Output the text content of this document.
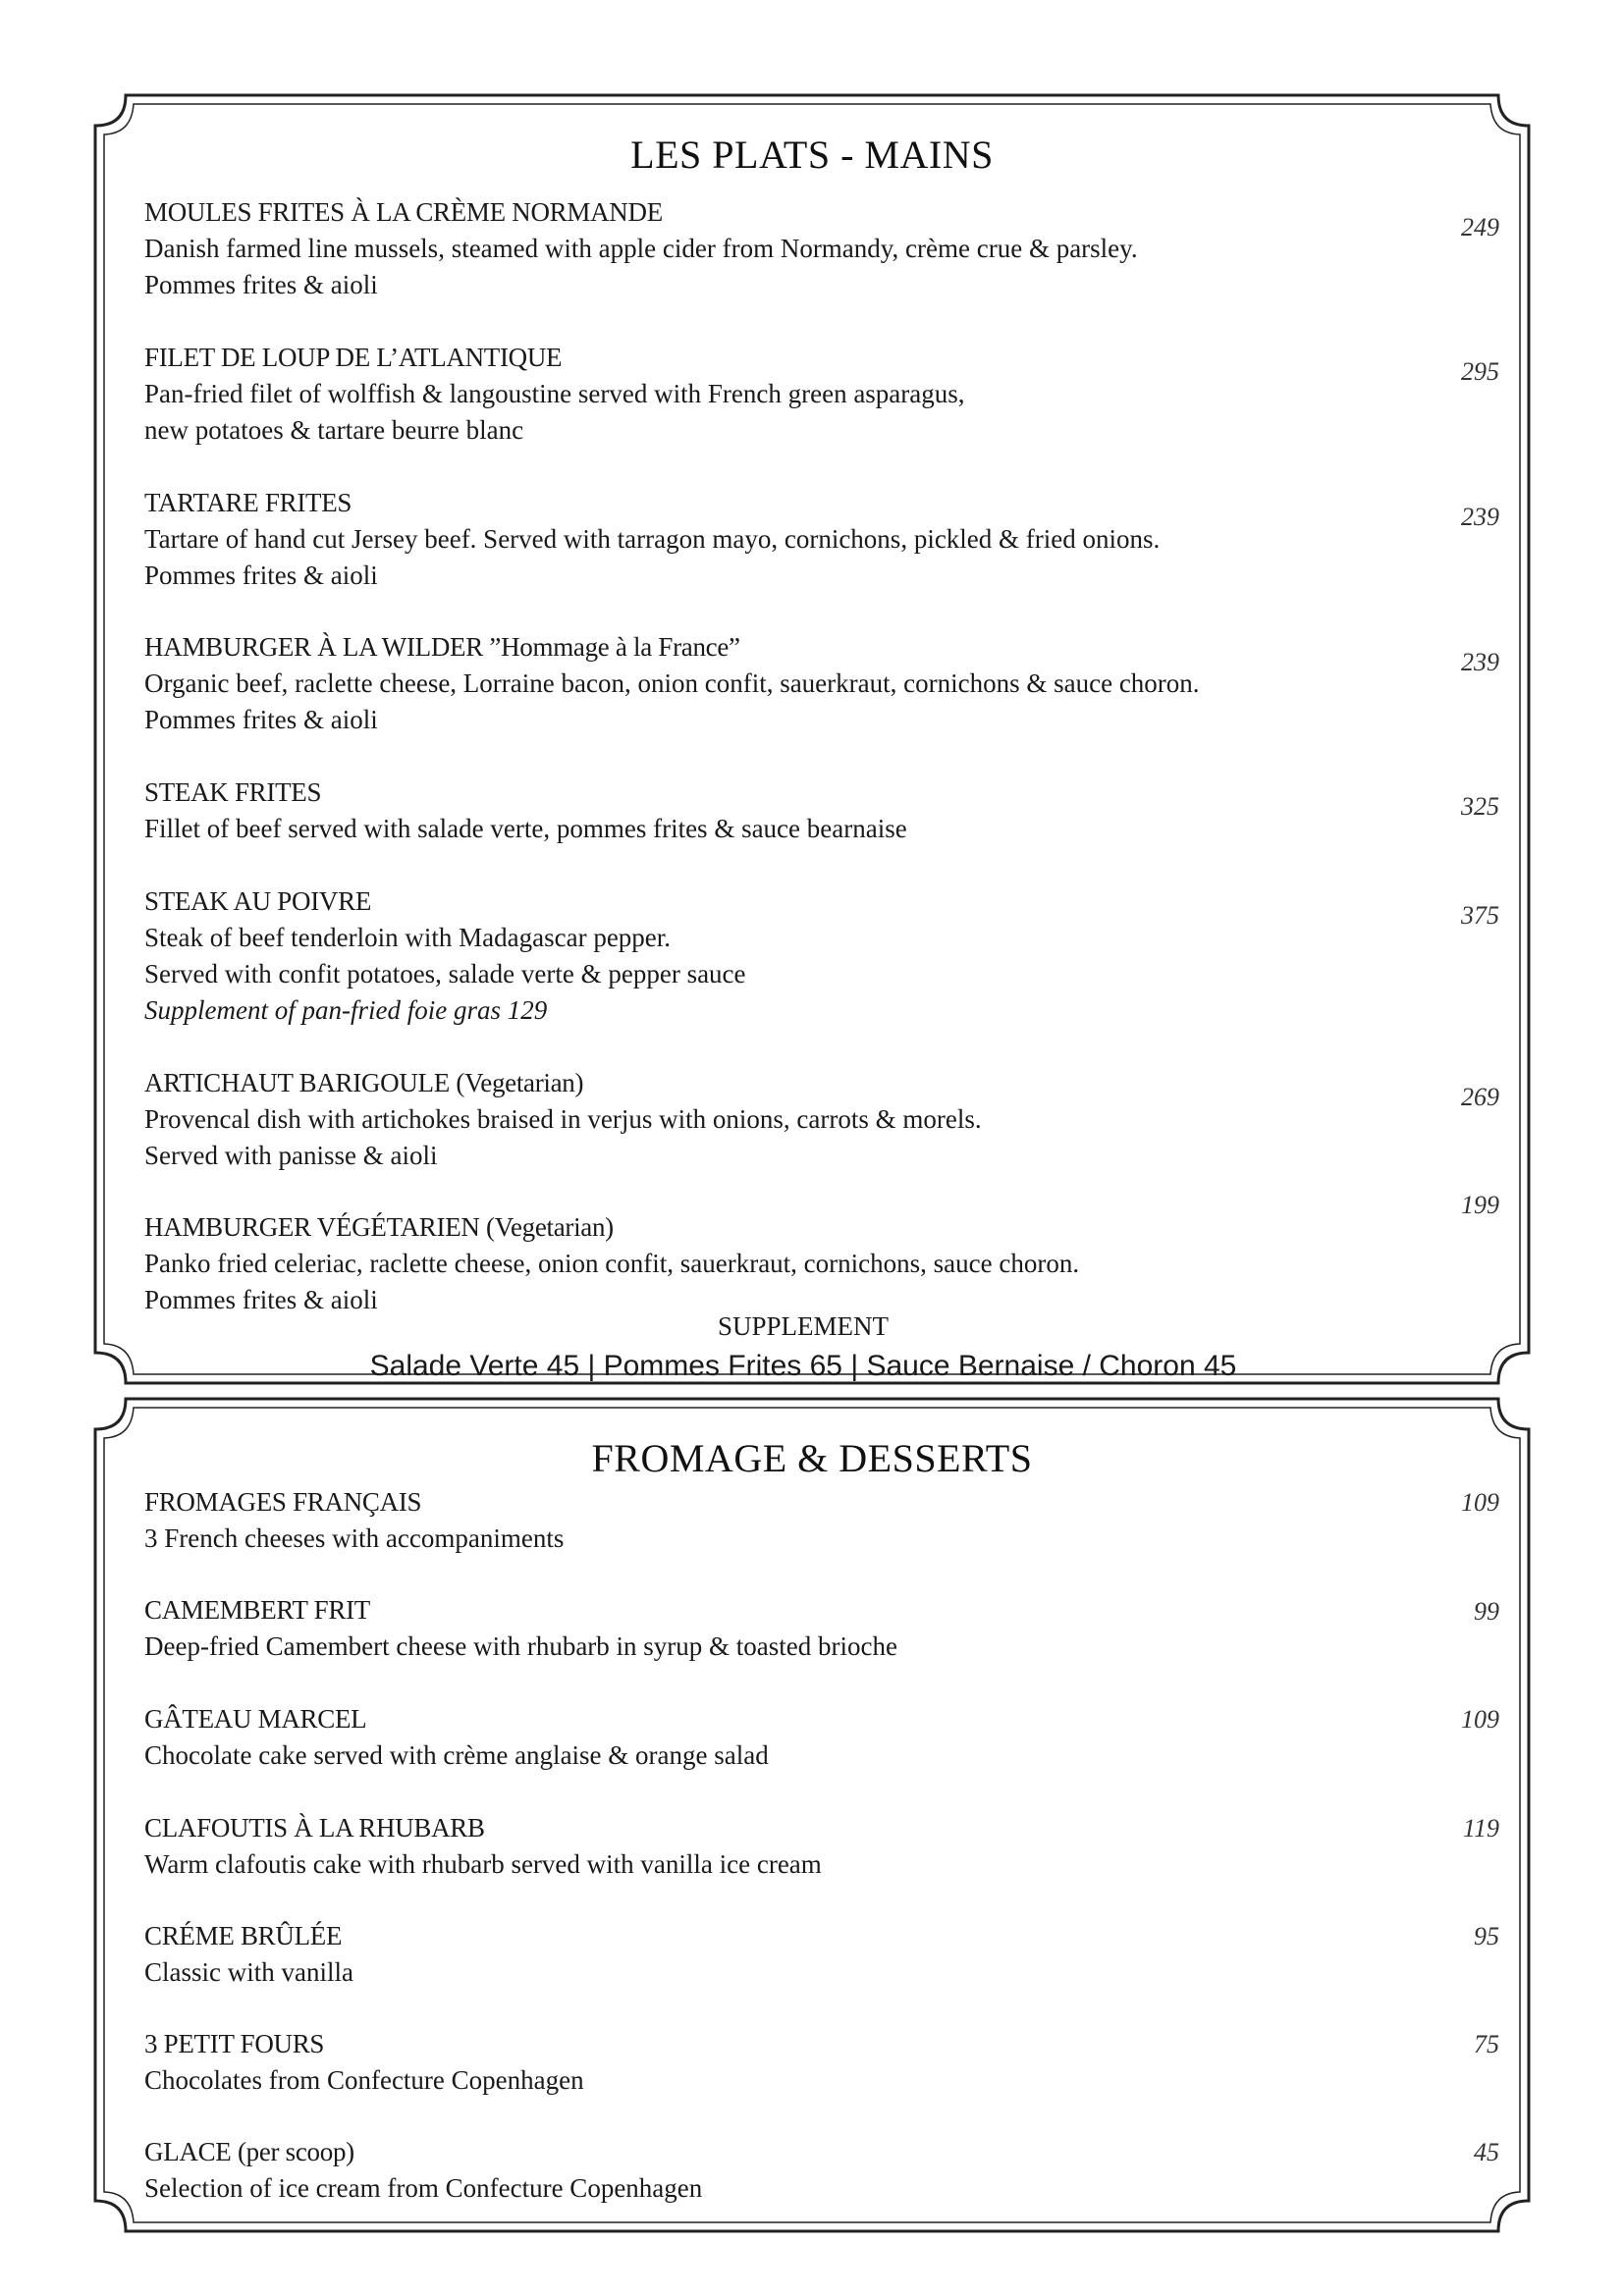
LES PLATS - MAINS
MOULES FRITES À LA CRÈME NORMANDE
Danish farmed line mussels, steamed with apple cider from Normandy, crème crue & parsley.
Pommes frites & aioli
249
FILET DE LOUP DE L’ATLANTIQUE
Pan-fried filet of wolffish & langoustine served with French green asparagus,
new potatoes & tartare beurre blanc
295
TARTARE FRITES
Tartare of hand cut Jersey beef. Served with tarragon mayo, cornichons, pickled & fried onions.
Pommes frites & aioli
239
HAMBURGER À LA WILDER ”Hommage à la France”
Organic beef, raclette cheese, Lorraine bacon, onion confit, sauerkraut, cornichons & sauce choron.
Pommes frites & aioli
239
STEAK FRITES
Fillet of beef served with salade verte, pommes frites & sauce bearnaise
325
STEAK AU POIVRE
Steak of beef tenderloin with Madagascar pepper.
Served with confit potatoes, salade verte & pepper sauce
Supplement of pan-fried foie gras 129
375
ARTICHAUT BARIGOULE (Vegetarian)
Provencal dish with artichokes braised in verjus with onions, carrots & morels.
Served with panisse & aioli
269
HAMBURGER VÉGÉTARIEN (Vegetarian)
Panko fried celeriac, raclette cheese, onion confit, sauerkraut, cornichons, sauce choron.
Pommes frites & aioli
199
SUPPLEMENT
Salade Verte 45 | Pommes Frites 65 | Sauce Bernaise / Choron 45
FROMAGE & DESSERTS
FROMAGES FRANÇAIS
3 French cheeses with accompaniments
109
CAMEMBERT FRIT
Deep-fried Camembert cheese with rhubarb in syrup & toasted brioche
99
GÂTEAU MARCEL
Chocolate cake served with crème anglaise & orange salad
109
CLAFOUTIS À LA RHUBARB
Warm clafoutis cake with rhubarb served with vanilla ice cream
119
CRÉME BRÛLÉE
Classic with vanilla
95
3 PETIT FOURS
Chocolates from Confecture Copenhagen
75
GLACE (per scoop)
Selection of ice cream from Confecture Copenhagen
45
